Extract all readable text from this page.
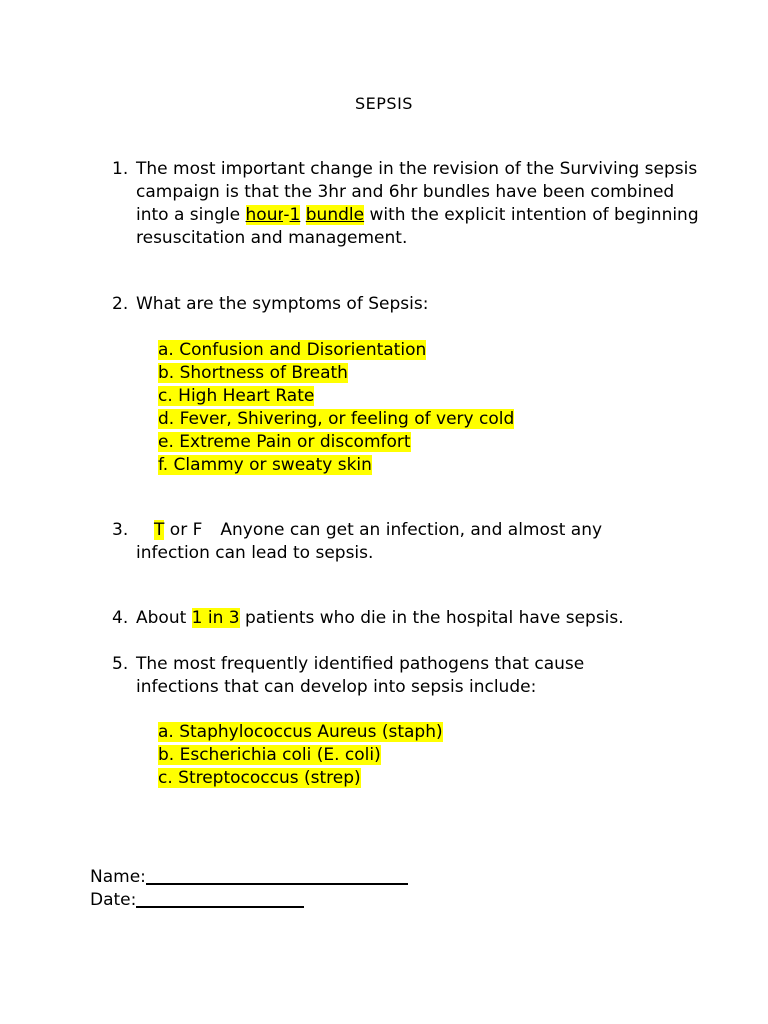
SEPSIS
1. The most important change in the revision of the Surviving sepsis campaign is that the 3hr and 6hr bundles have been combined into a single hour-1 bundle with the explicit intention of beginning resuscitation and management.
2. What are the symptoms of Sepsis:
a. Confusion and Disorientation
b. Shortness of Breath
c. High Heart Rate
d. Fever, Shivering, or feeling of very cold
e. Extreme Pain or discomfort
f. Clammy or sweaty skin
3.	T or F Anyone can get an infection, and almost any
infection can lead to sepsis.
4. About 1 in 3 patients who die in the hospital have sepsis.
5. The most frequently identified pathogens that cause
infections that can develop into sepsis include:
a. Staphylococcus Aureus (staph)
b. Escherichia coli (E. coli)
c. Streptococcus (strep)
Name:
Date:
